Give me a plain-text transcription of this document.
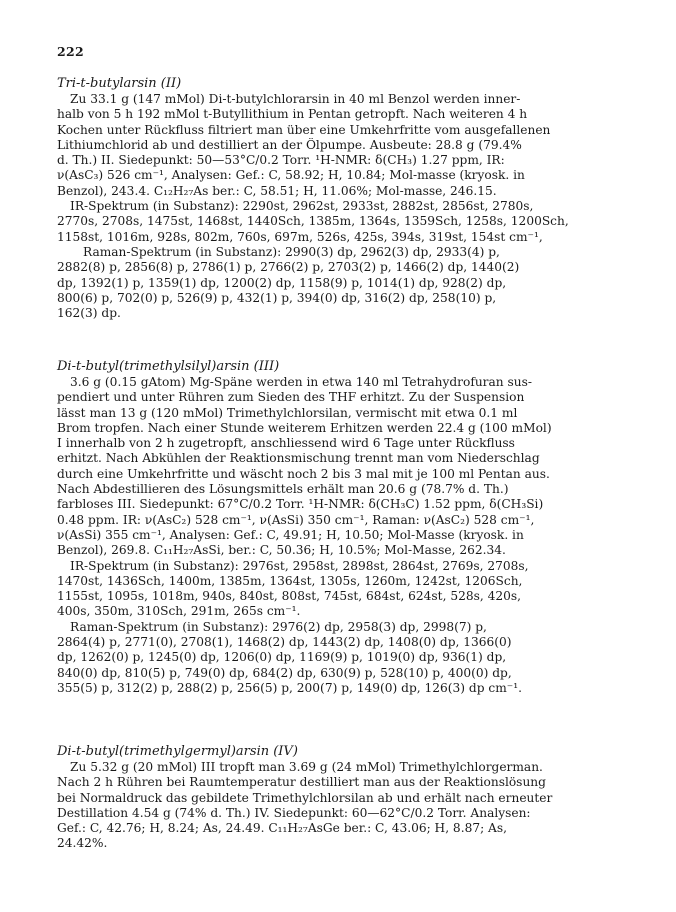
222

Tri-t-butylarsin (II)

Zu 33.1 g (147 mMol) Di-t-butylchlorarsin in 40 ml Benzol werden inner-

halb von 5 h 192 mMol t-Butyllithium in Pentan getropft. Nach weiteren 4 h

Kochen unter Rückfluss filtriert man über eine Umkehrfritte vom ausgefallenen

Lithiumchlorid ab und destilliert an der Ölpumpe. Ausbeute: 28.8 g (79.4%

d. Th.) II. Siedepunkt: 50—53°C/0.2 Torr. ¹H-NMR: δ(CH₃) 1.27 ppm, IR:

ν(AsC₃) 526 cm⁻¹, Analysen: Gef.: C, 58.92; H, 10.84; Mol-masse (kryosk. in

Benzol), 243.4. C₁₂H₂₇As ber.: C, 58.51; H, 11.06%; Mol-masse, 246.15.

IR-Spektrum (in Substanz): 2290st, 2962st, 2933st, 2882st, 2856st, 2780s,

2770s, 2708s, 1475st, 1468st, 1440Sch, 1385m, 1364s, 1359Sch, 1258s, 1200Sch,

1158st, 1016m, 928s, 802m, 760s, 697m, 526s, 425s, 394s, 319st, 154st cm⁻¹,

Raman-Spektrum (in Substanz): 2990(3) dp, 2962(3) dp, 2933(4) p,

2882(8) p, 2856(8) p, 2786(1) p, 2766(2) p, 2703(2) p, 1466(2) dp, 1440(2)

dp, 1392(1) p, 1359(1) dp, 1200(2) dp, 1158(9) p, 1014(1) dp, 928(2) dp,

800(6) p, 702(0) p, 526(9) p, 432(1) p, 394(0) dp, 316(2) dp, 258(10) p,

162(3) dp.

Di-t-butyl(trimethylsilyl)arsin (III)

3.6 g (0.15 gAtom) Mg-Späne werden in etwa 140 ml Tetrahydrofuran sus-

pendiert und unter Rühren zum Sieden des THF erhitzt. Zu der Suspension

lässt man 13 g (120 mMol) Trimethylchlorsilan, vermischt mit etwa 0.1 ml

Brom tropfen. Nach einer Stunde weiterem Erhitzen werden 22.4 g (100 mMol)

I innerhalb von 2 h zugetropft, anschliessend wird 6 Tage unter Rückfluss

erhitzt. Nach Abkühlen der Reaktionsmischung trennt man vom Niederschlag

durch eine Umkehrfritte und wäscht noch 2 bis 3 mal mit je 100 ml Pentan aus.

Nach Abdestillieren des Lösungsmittels erhält man 20.6 g (78.7% d. Th.)

farbloses III. Siedepunkt: 67°C/0.2 Torr. ¹H-NMR: δ(CH₃C) 1.52 ppm, δ(CH₃Si)

0.48 ppm. IR: ν(AsC₂) 528 cm⁻¹, ν(AsSi) 350 cm⁻¹, Raman: ν(AsC₂) 528 cm⁻¹,

ν(AsSi) 355 cm⁻¹, Analysen: Gef.: C, 49.91; H, 10.50; Mol-Masse (kryosk. in

Benzol), 269.8. C₁₁H₂₇AsSi, ber.: C, 50.36; H, 10.5%; Mol-Masse, 262.34.

IR-Spektrum (in Substanz): 2976st, 2958st, 2898st, 2864st, 2769s, 2708s,

1470st, 1436Sch, 1400m, 1385m, 1364st, 1305s, 1260m, 1242st, 1206Sch,

1155st, 1095s, 1018m, 940s, 840st, 808st, 745st, 684st, 624st, 528s, 420s,

400s, 350m, 310Sch, 291m, 265s cm⁻¹.

Raman-Spektrum (in Substanz): 2976(2) dp, 2958(3) dp, 2998(7) p,

2864(4) p, 2771(0), 2708(1), 1468(2) dp, 1443(2) dp, 1408(0) dp, 1366(0)

dp, 1262(0) p, 1245(0) dp, 1206(0) dp, 1169(9) p, 1019(0) dp, 936(1) dp,

840(0) dp, 810(5) p, 749(0) dp, 684(2) dp, 630(9) p, 528(10) p, 400(0) dp,

355(5) p, 312(2) p, 288(2) p, 256(5) p, 200(7) p, 149(0) dp, 126(3) dp cm⁻¹.

Di-t-butyl(trimethylgermyl)arsin (IV)

Zu 5.32 g (20 mMol) III tropft man 3.69 g (24 mMol) Trimethylchlorgerman.

Nach 2 h Rühren bei Raumtemperatur destilliert man aus der Reaktionslösung

bei Normaldruck das gebildete Trimethylchlorsilan ab und erhält nach erneuter

Destillation 4.54 g (74% d. Th.) IV. Siedepunkt: 60—62°C/0.2 Torr. Analysen:

Gef.: C, 42.76; H, 8.24; As, 24.49. C₁₁H₂₇AsGe ber.: C, 43.06; H, 8.87; As,

24.42%.
